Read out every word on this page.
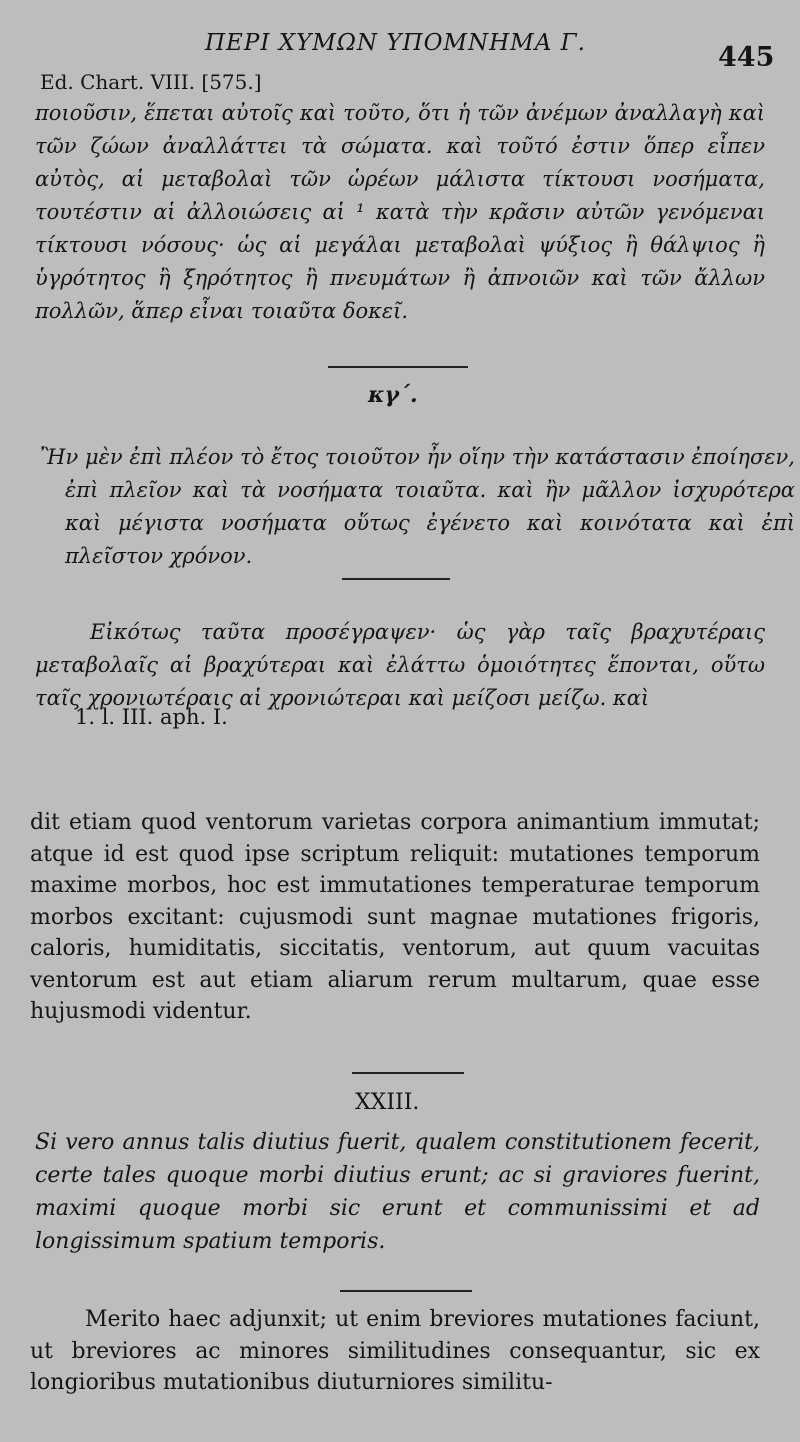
ΠΕΡΙ ΧΥΜΩΝ ΥΠΟΜΝΗΜΑ Γ.	445
Ed. Chart. VIII. [575.]
ποιοῦσιν, ἕπεται αὐτοῖς καὶ τοῦτο, ὅτι ἡ τῶν ἀνέμων ἀναλλαγὴ καὶ τῶν ζώων ἀναλλάττει τὰ σώματα. καὶ τοῦτό ἐστιν ὅπερ εἶπεν αὐτὸς, αἱ μεταβολαὶ τῶν ὡρέων μάλιστα τίκτουσι νοσήματα, τουτέστιν αἱ ἀλλοιώσεις αἱ ¹ κατὰ τὴν κρᾶσιν αὐτῶν γενόμεναι τίκτουσι νόσους· ὡς αἱ μεγάλαι μεταβολαὶ ψύξιος ἢ θάλψιος ἢ ὑγρότητος ἢ ξηρότητος ἢ πνευμάτων ἢ ἀπνοιῶν καὶ τῶν ἄλλων πολλῶν, ἅπερ εἶναι τοιαῦτα δοκεῖ.
κγ΄.

Ἢν μὲν ἐπὶ πλέον τὸ ἔτος τοιοῦτον ἦν οἵην τὴν κατάστασιν ἐποίησεν, ἐπὶ πλεῖον καὶ τὰ νοσήματα τοιαῦτα. καὶ ἢν μᾶλλον ἰσχυρότερα καὶ μέγιστα νοσήματα οὕτως ἐγένετο καὶ κοινότατα καὶ ἐπὶ πλεῖστον χρόνον.

Εἰκότως ταῦτα προσέγραψεν· ὡς γὰρ ταῖς βραχυτέραις μεταβολαῖς αἱ βραχύτεραι καὶ ἐλάττω ὁμοιότητες ἕπονται, οὕτω ταῖς χρονιωτέραις αἱ χρονιώτεραι καὶ μείζοσι μείζω. καὶ

1. l. III. aph. I.
dit etiam quod ventorum varietas corpora animantium immutat; atque id est quod ipse scriptum reliquit: mutationes temporum maxime morbos, hoc est immutationes temperaturae temporum morbos excitant: cujusmodi sunt magnae mutationes frigoris, caloris, humiditatis, siccitatis, ventorum, aut quum vacuitas ventorum est aut etiam aliarum rerum multarum, quae esse hujusmodi videntur.
XXIII.
Si vero annus talis diutius fuerit, qualem constitutionem fecerit, certe tales quoque morbi diutius erunt; ac si graviores fuerint, maximi quoque morbi sic erunt et communissimi et ad longissimum spatium temporis.

Merito haec adjunxit; ut enim breviores mutationes faciunt, ut breviores ac minores similitudines consequantur, sic ex longioribus mutationibus diuturniores similitu-
